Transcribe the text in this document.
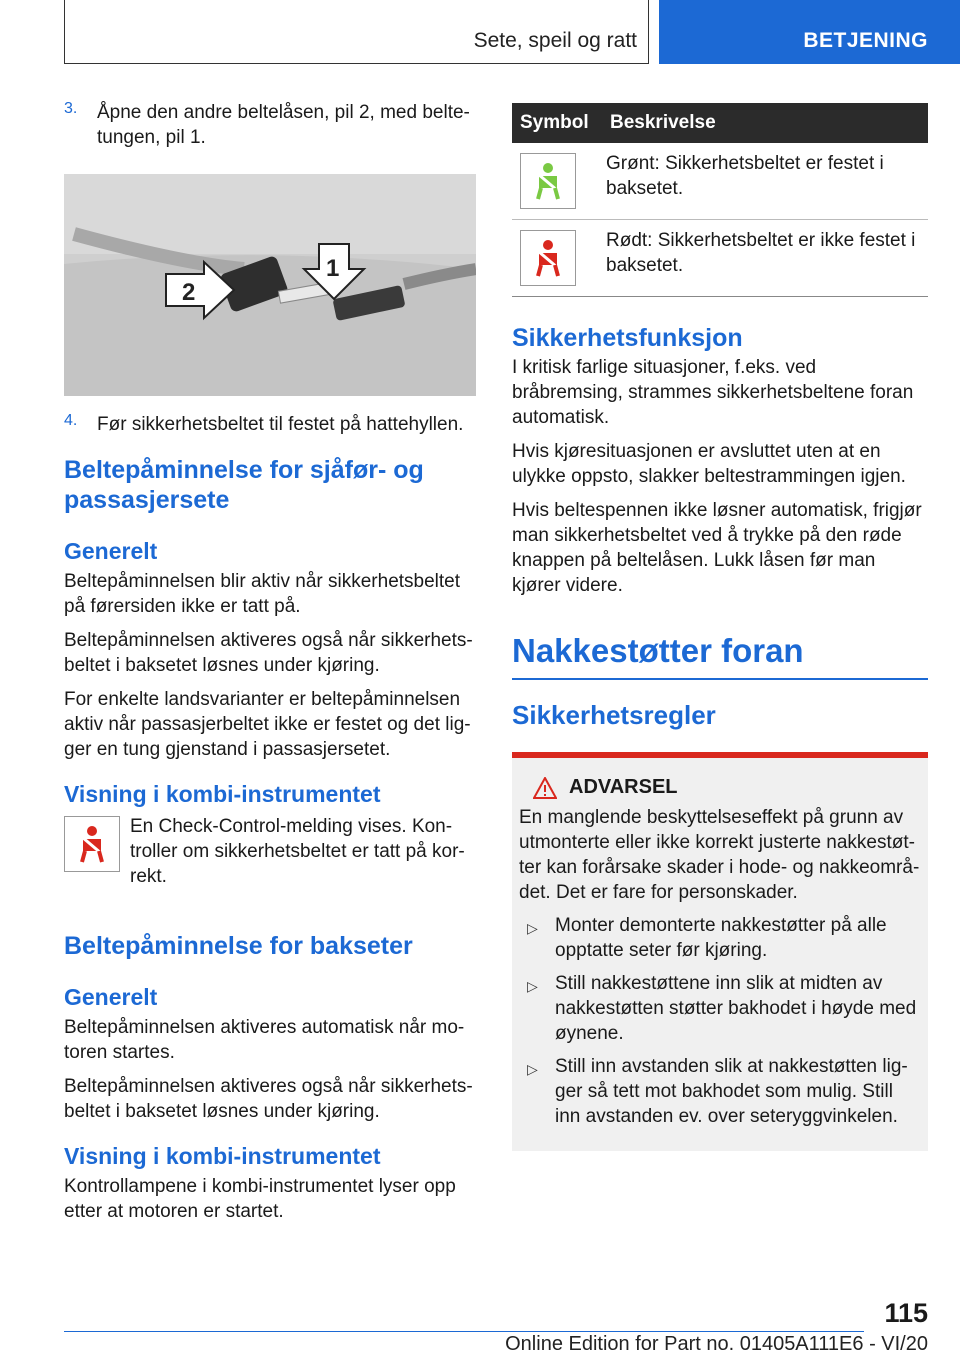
Sete, speil og ratt	BETJENING
3.	Åpne den andre beltelåsen, pil 2, med beltetungen, pil 1.
1
2
4.	Før sikkerhetsbeltet til festet på hattehyllen.
Beltepåminnelse for sjåfør- og passasjersete
Generelt

Beltepåminnelsen blir aktiv når sikkerhetsbeltet på førersiden ikke er tatt på.

Beltepåminnelsen aktiveres også når sikkerhetsbeltet i baksetet løsnes under kjøring.

For enkelte landsvarianter er beltepåminnelsen aktiv når passasjerbeltet ikke er festet og det ligger en tung gjenstand i passasjersetet.

Visning i kombi-instrumentet

En Check-Control-melding vises. Kontroller om sikkerhetsbeltet er tatt på korrekt.

Beltepåminnelse for bakseter
Generelt

Beltepåminnelsen aktiveres automatisk når motoren startes.

Beltepåminnelsen aktiveres også når sikkerhetsbeltet i baksetet løsnes under kjøring.

Visning i kombi-instrumentet

Kontrollampene i kombi-instrumentet lyser opp etter at motoren er startet.

Symbol	Beskrivelse

	Grønt: Sikkerhetsbeltet er festet i baksetet.

	Rødt: Sikkerhetsbeltet er ikke festet i baksetet.
Sikkerhetsfunksjon

I kritisk farlige situasjoner, f.eks. ved bråbremsing, strammes sikkerhetsbeltene foran automatisk.

Hvis kjøresituasjonen er avsluttet uten at en ulykke oppsto, slakker beltestrammingen igjen.

Hvis beltespennen ikke løsner automatisk, frigjør man sikkerhetsbeltet ved å trykke på den røde knappen på beltelåsen. Lukk låsen før man kjører videre.

Nakkestøtter foran
Sikkerhetsregler
ADVARSEL

En manglende beskyttelseseffekt på grunn av utmonterte eller ikke korrekt justerte nakkestøtter kan forårsake skader i hode- og nakkeområdet. Det er fare for personskader.

▷ Monter demonterte nakkestøtter på alle opptatte seter før kjøring.
▷ Still nakkestøttene inn slik at midten av nakkestøtten støtter bakhodet i høyde med øynene.
▷ Still inn avstanden slik at nakkestøtten ligger så tett mot bakhodet som mulig. Still inn avstanden ev. over seteryggvinkelen.
115
Online Edition for Part no. 01405A111E6 - VI/20
